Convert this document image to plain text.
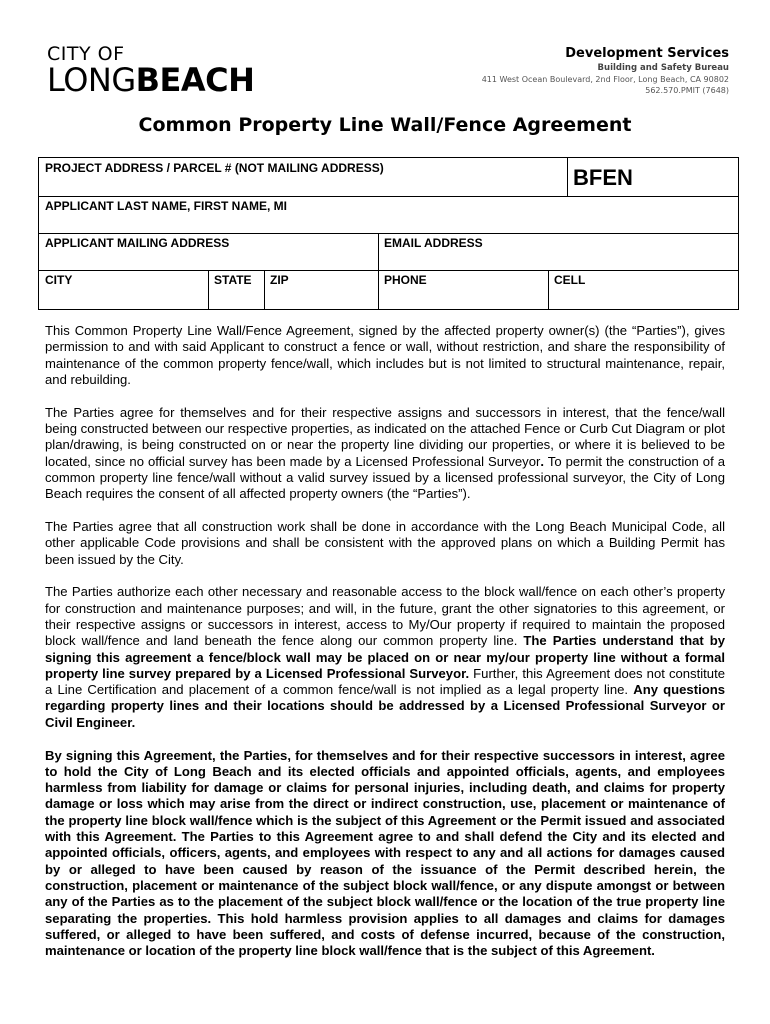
CITY OF
LONGBEACH
Development Services
Building and Safety Bureau
411 West Ocean Boulevard, 2nd Floor, Long Beach, CA 90802
562.570.PMIT (7648)
Common Property Line Wall/Fence Agreement
PROJECT ADDRESS / PARCEL # (NOT MAILING ADDRESS)	BFEN
APPLICANT LAST NAME, FIRST NAME, MI
APPLICANT MAILING ADDRESS	EMAIL ADDRESS
CITY	STATE	ZIP	PHONE	CELL

This Common Property Line Wall/Fence Agreement, signed by the affected property owner(s) (the “Parties”), gives permission to and with said Applicant to construct a fence or wall, without restriction, and share the responsibility of maintenance of the common property fence/wall, which includes but is not limited to structural maintenance, repair, and rebuilding.

The Parties agree for themselves and for their respective assigns and successors in interest, that the fence/wall being constructed between our respective properties, as indicated on the attached Fence or Curb Cut Diagram or plot plan/drawing, is being constructed on or near the property line dividing our properties, or where it is believed to be located, since no official survey has been made by a Licensed Professional Surveyor. To permit the construction of a common property line fence/wall without a valid survey issued by a licensed professional surveyor, the City of Long Beach requires the consent of all affected property owners (the “Parties”).

The Parties agree that all construction work shall be done in accordance with the Long Beach Municipal Code, all other applicable Code provisions and shall be consistent with the approved plans on which a Building Permit has been issued by the City.

The Parties authorize each other necessary and reasonable access to the block wall/fence on each other’s property for construction and maintenance purposes; and will, in the future, grant the other signatories to this agreement, or their respective assigns or successors in interest, access to My/Our property if required to maintain the proposed block wall/fence and land beneath the fence along our common property line. The Parties understand that by signing this agreement a fence/block wall may be placed on or near my/our property line without a formal property line survey prepared by a Licensed Professional Surveyor. Further, this Agreement does not constitute a Line Certification and placement of a common fence/wall is not implied as a legal property line. Any questions regarding property lines and their locations should be addressed by a Licensed Professional Surveyor or Civil Engineer.

By signing this Agreement, the Parties, for themselves and for their respective successors in interest, agree to hold the City of Long Beach and its elected officials and appointed officials, agents, and employees harmless from liability for damage or claims for personal injuries, including death, and claims for property damage or loss which may arise from the direct or indirect construction, use, placement or maintenance of the property line block wall/fence which is the subject of this Agreement or the Permit issued and associated with this Agreement. The Parties to this Agreement agree to and shall defend the City and its elected and appointed officials, officers, agents, and employees with respect to any and all actions for damages caused by or alleged to have been caused by reason of the issuance of the Permit described herein, the construction, placement or maintenance of the subject block wall/fence, or any dispute amongst or between any of the Parties as to the placement of the subject block wall/fence or the location of the true property line separating the properties. This hold harmless provision applies to all damages and claims for damages suffered, or alleged to have been suffered, and costs of defense incurred, because of the construction, maintenance or location of the property line block wall/fence that is the subject of this Agreement.
